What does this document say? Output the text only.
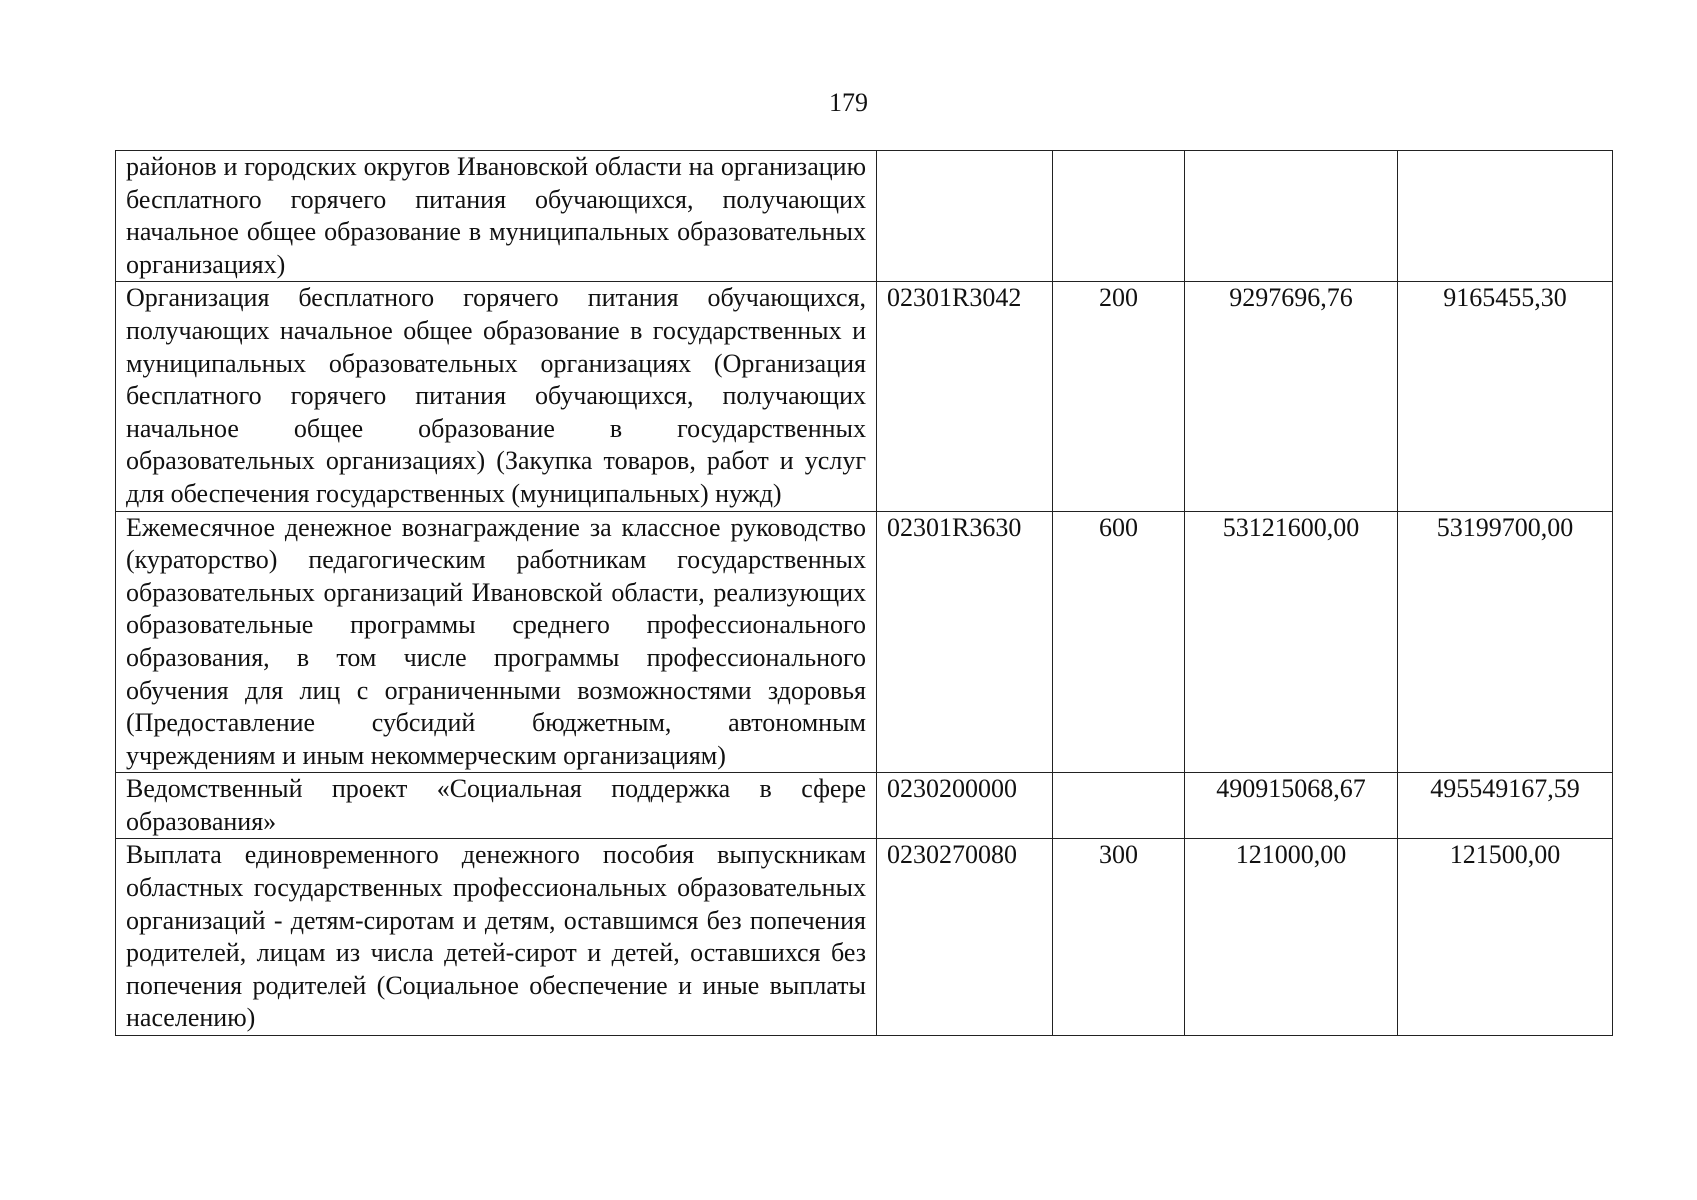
179
районов и городских округов Ивановской области на организацию бесплатного горячего питания обучающихся, получающих начальное общее образование в муниципальных образовательных организациях)				
Организация бесплатного горячего питания обучающихся, получающих начальное общее образование в государственных и муниципальных образовательных организациях (Организация бесплатного горячего питания обучающихся, получающих начальное общее образование в государственных образовательных организациях) (Закупка товаров, работ и услуг для обеспечения государственных (муниципальных) нужд)	02301R3042	200	9297696,76	9165455,30
Ежемесячное денежное вознаграждение за классное руководство (кураторство) педагогическим работникам государственных образовательных организаций Ивановской области, реализующих образовательные программы среднего профессионального образования, в том числе программы профессионального обучения для лиц с ограниченными возможностями здоровья (Предоставление субсидий бюджетным, автономным учреждениям и иным некоммерческим организациям)	02301R3630	600	53121600,00	53199700,00
Ведомственный проект «Социальная поддержка в сфере образования»	0230200000		490915068,67	495549167,59
Выплата единовременного денежного пособия выпускникам областных государственных профессиональных образовательных организаций - детям-сиротам и детям, оставшимся без попечения родителей, лицам из числа детей-сирот и детей, оставшихся без попечения родителей (Социальное обеспечение и иные выплаты населению)	0230270080	300	121000,00	121500,00
